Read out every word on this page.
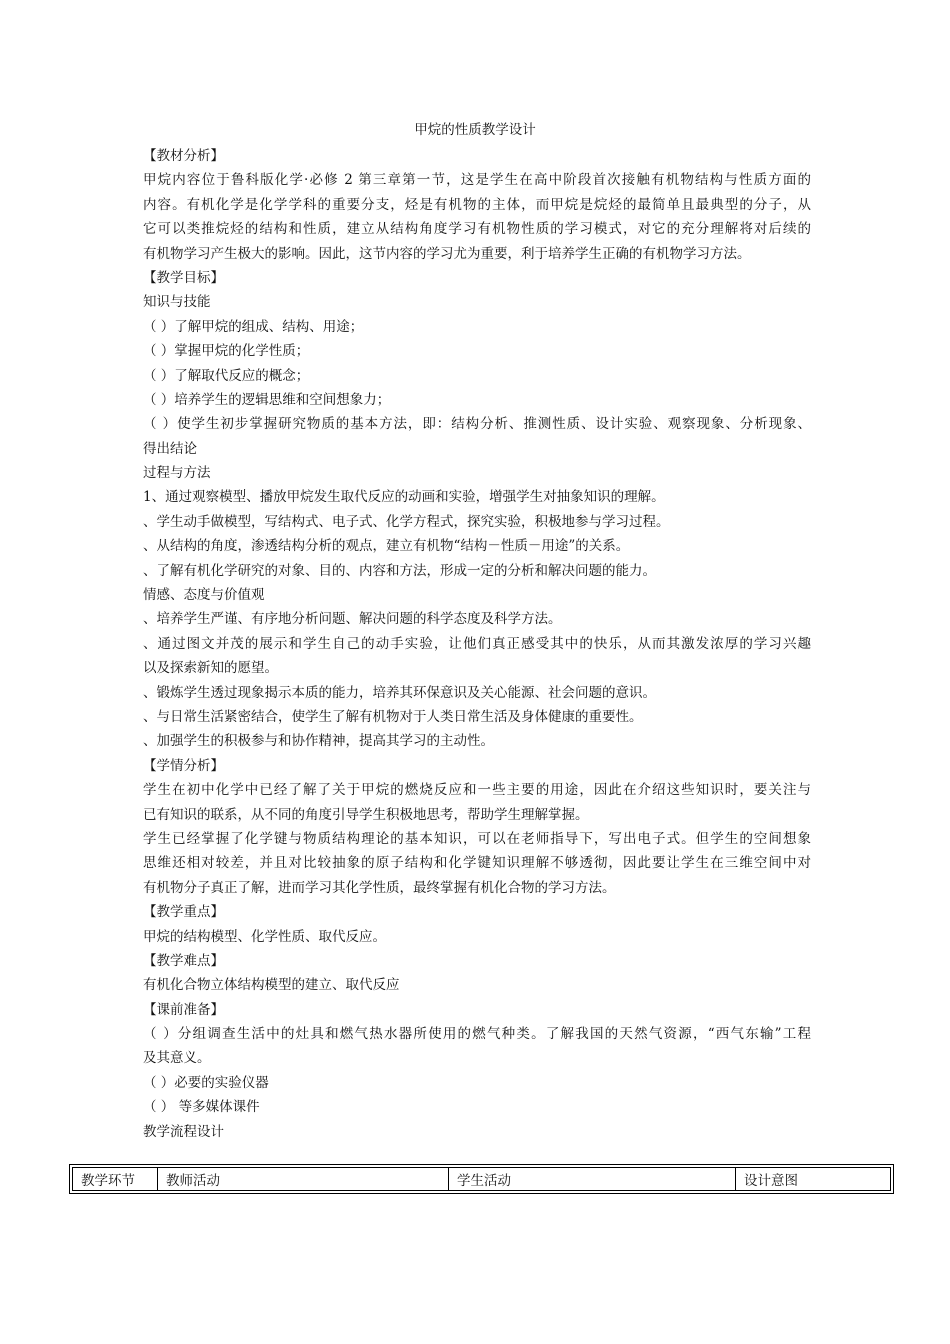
甲烷的性质教学设计
【教材分析】
甲烷内容位于鲁科版化学·必修 2 第三章第一节，这是学生在高中阶段首次接触有机物结构与性质方面的
内容。有机化学是化学学科的重要分支，烃是有机物的主体，而甲烷是烷烃的最简单且最典型的分子，从
它可以类推烷烃的结构和性质，建立从结构角度学习有机物性质的学习模式，对它的充分理解将对后续的
有机物学习产生极大的影响。因此，这节内容的学习尤为重要，利于培养学生正确的有机物学习方法。
【教学目标】
知识与技能
（ ）了解甲烷的组成、结构、用途；
（ ）掌握甲烷的化学性质；
（ ）了解取代反应的概念；
（ ）培养学生的逻辑思维和空间想象力；
（ ）使学生初步掌握研究物质的基本方法，即：结构分析、推测性质、设计实验、观察现象、分析现象、
得出结论
过程与方法
1、通过观察模型、播放甲烷发生取代反应的动画和实验，增强学生对抽象知识的理解。
、学生动手做模型，写结构式、电子式、化学方程式，探究实验，积极地参与学习过程。
、从结构的角度，渗透结构分析的观点，建立有机物“结构－性质－用途”的关系。
、了解有机化学研究的对象、目的、内容和方法，形成一定的分析和解决问题的能力。
情感、态度与价值观
、培养学生严谨、有序地分析问题、解决问题的科学态度及科学方法。
、通过图文并茂的展示和学生自己的动手实验，让他们真正感受其中的快乐，从而其激发浓厚的学习兴趣
以及探索新知的愿望。
、锻炼学生透过现象揭示本质的能力，培养其环保意识及关心能源、社会问题的意识。
、与日常生活紧密结合，使学生了解有机物对于人类日常生活及身体健康的重要性。
、加强学生的积极参与和协作精神，提高其学习的主动性。
【学情分析】
学生在初中化学中已经了解了关于甲烷的燃烧反应和一些主要的用途，因此在介绍这些知识时，要关注与
已有知识的联系，从不同的角度引导学生积极地思考，帮助学生理解掌握。
学生已经掌握了化学键与物质结构理论的基本知识，可以在老师指导下，写出电子式。但学生的空间想象
思维还相对较差，并且对比较抽象的原子结构和化学键知识理解不够透彻，因此要让学生在三维空间中对
有机物分子真正了解，进而学习其化学性质，最终掌握有机化合物的学习方法。
【教学重点】
甲烷的结构模型、化学性质、取代反应。
【教学难点】
有机化合物立体结构模型的建立、取代反应
【课前准备】
（ ）分组调查生活中的灶具和燃气热水器所使用的燃气种类。了解我国的天然气资源，“西气东输”工程
及其意义。
（ ）必要的实验仪器
（ ） 等多媒体课件
教学流程设计
教学环节	教师活动	学生活动	设计意图
